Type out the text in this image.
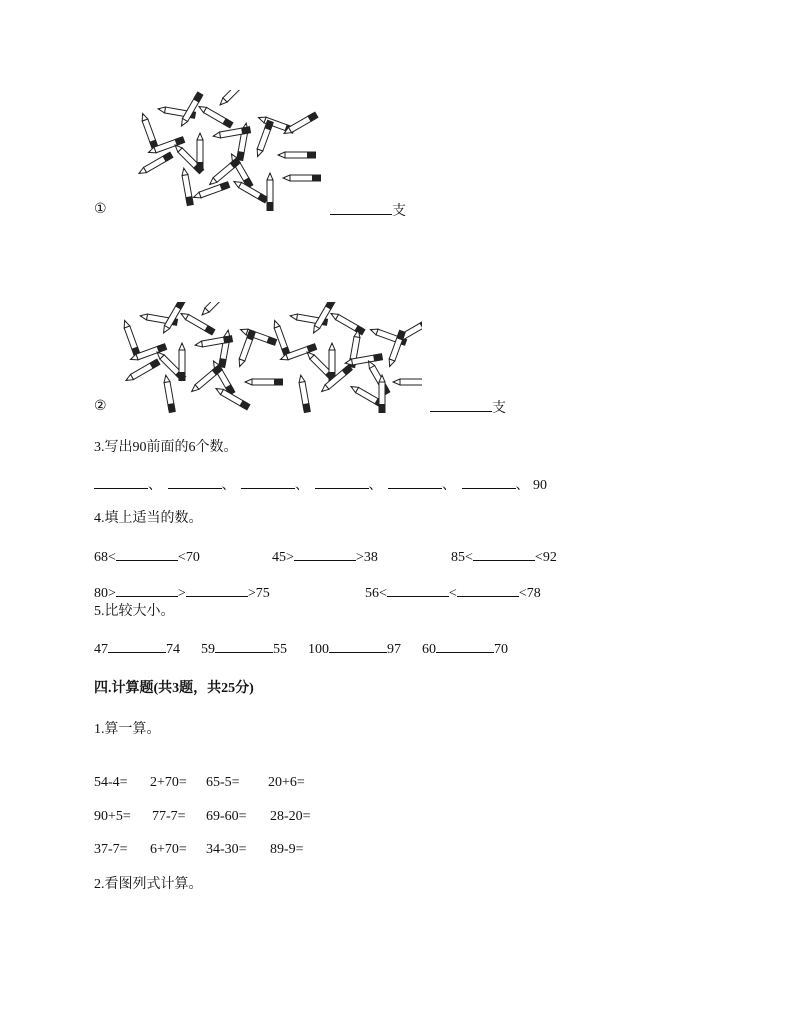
①	支
②	支
3.写出90前面的6个数。
、	、	、	、	、	、 90
4.填上适当的数。
68<	<70	45>	>38	85<	<92
80>	>	>75	56<	<	<78
5.比较大小。
47	74 59	55 100	97 60	70
四.计算题(共3题，共25分)
1.算一算。
54-4= 2+70= 65-5= 20+6=
90+5= 77-7= 69-60= 28-20=
37-7= 6+70= 34-30= 89-9=
2.看图列式计算。
